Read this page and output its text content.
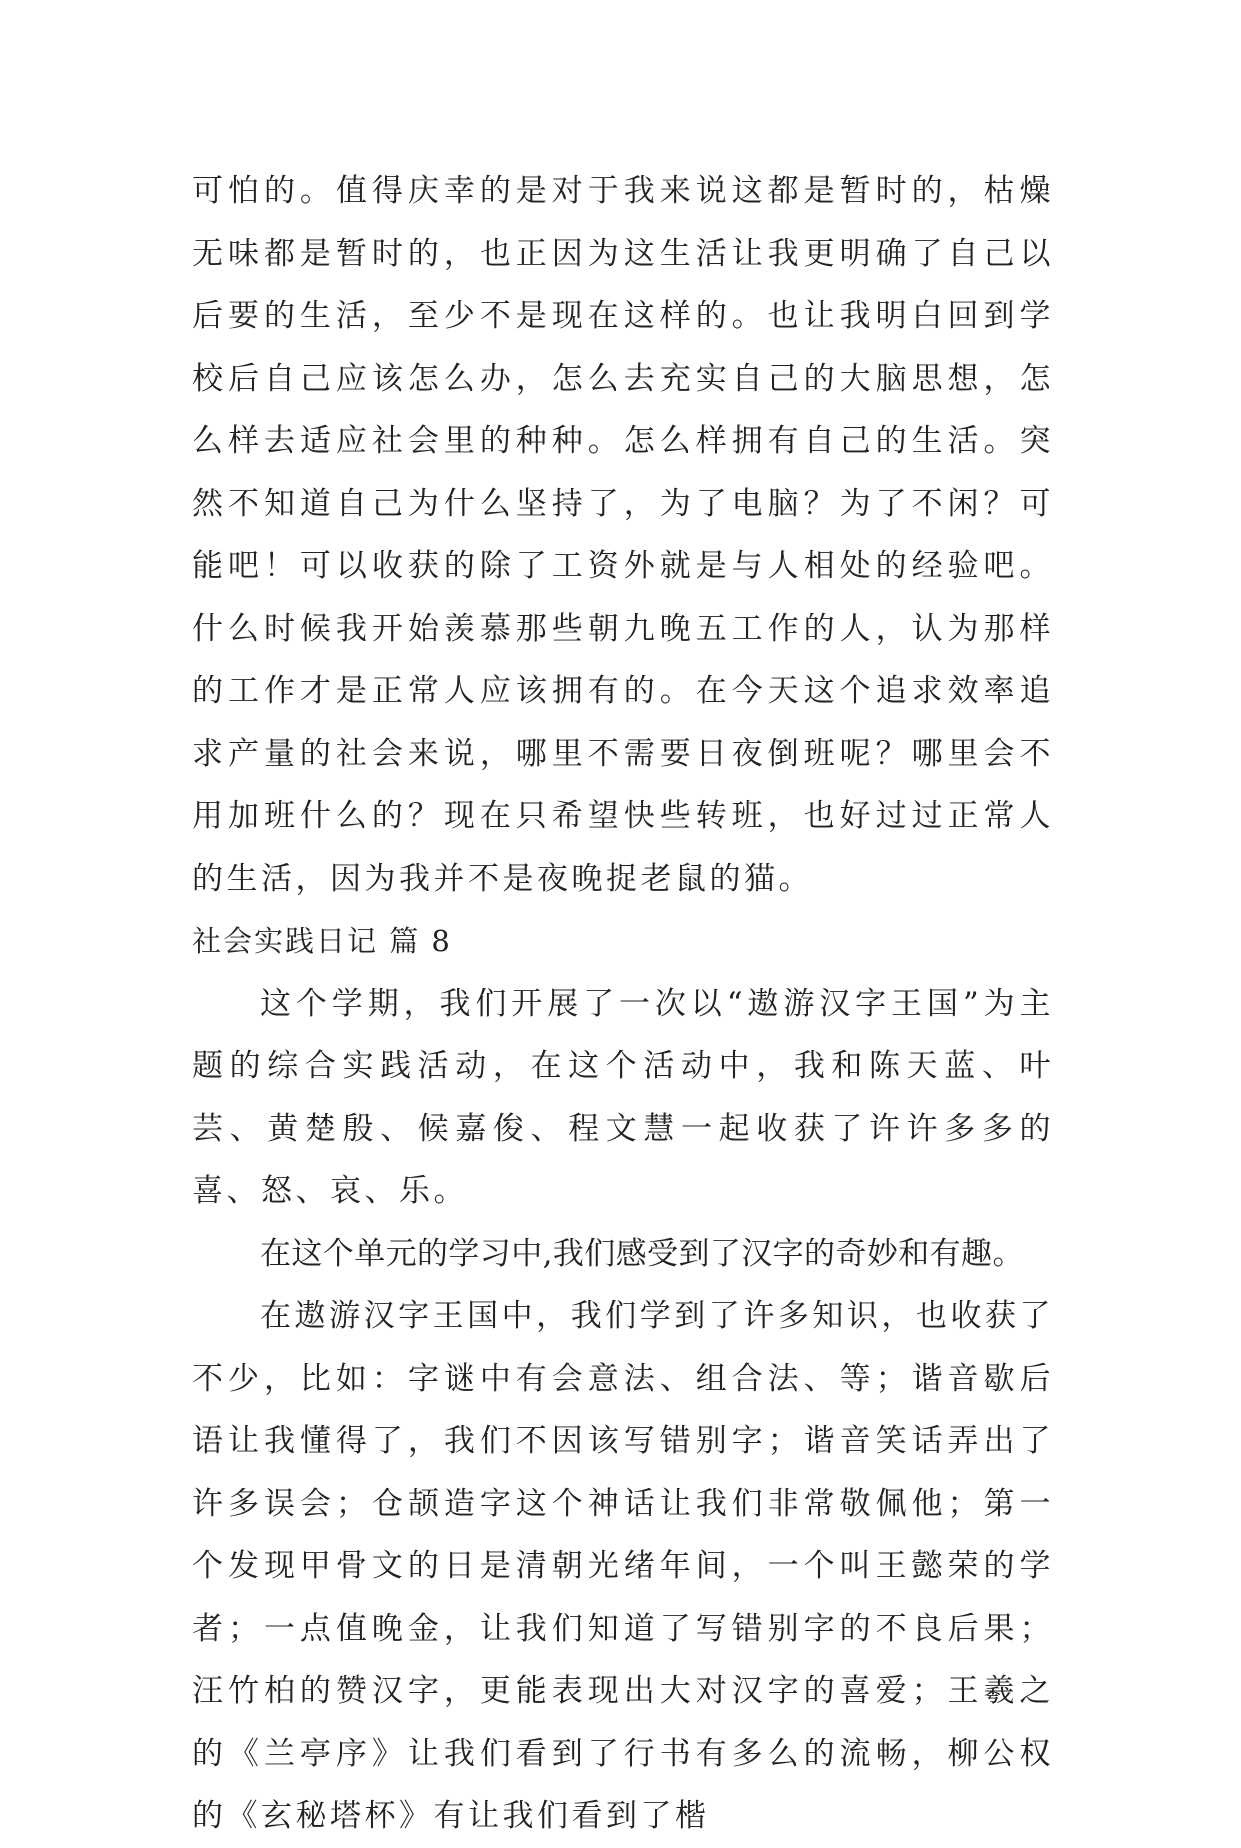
可怕的。值得庆幸的是对于我来说这都是暂时的，枯燥无味都是暂时的，也正因为这生活让我更明确了自己以后要的生活，至少不是现在这样的。也让我明白回到学校后自己应该怎么办，怎么去充实自己的大脑思想，怎么样去适应社会里的种种。怎么样拥有自己的生活。突然不知道自己为什么坚持了，为了电脑？为了不闲？可能吧！可以收获的除了工资外就是与人相处的经验吧。什么时候我开始羡慕那些朝九晚五工作的人，认为那样的工作才是正常人应该拥有的。在今天这个追求效率追求产量的社会来说，哪里不需要日夜倒班呢？哪里会不用加班什么的？现在只希望快些转班，也好过过正常人的生活，因为我并不是夜晚捉老鼠的猫。

社会实践日记 篇 8

这个学期，我们开展了一次以“遨游汉字王国”为主题的综合实践活动，在这个活动中，我和陈天蓝、叶芸、黄楚殷、候嘉俊、程文慧一起收获了许许多多的喜、怒、哀、乐。

在这个单元的学习中,我们感受到了汉字的奇妙和有趣。

在遨游汉字王国中，我们学到了许多知识，也收获了不少，比如：字谜中有会意法、组合法、等；谐音歇后语让我懂得了，我们不因该写错别字；谐音笑话弄出了许多误会；仓颉造字这个神话让我们非常敬佩他；第一个发现甲骨文的日是清朝光绪年间，一个叫王懿荣的学者；一点值晚金，让我们知道了写错别字的不良后果；汪竹柏的赞汉字，更能表现出大对汉字的喜爱；王羲之的《兰亭序》让我们看到了行书有多么的流畅，柳公权的《玄秘塔杯》有让我们看到了楷
